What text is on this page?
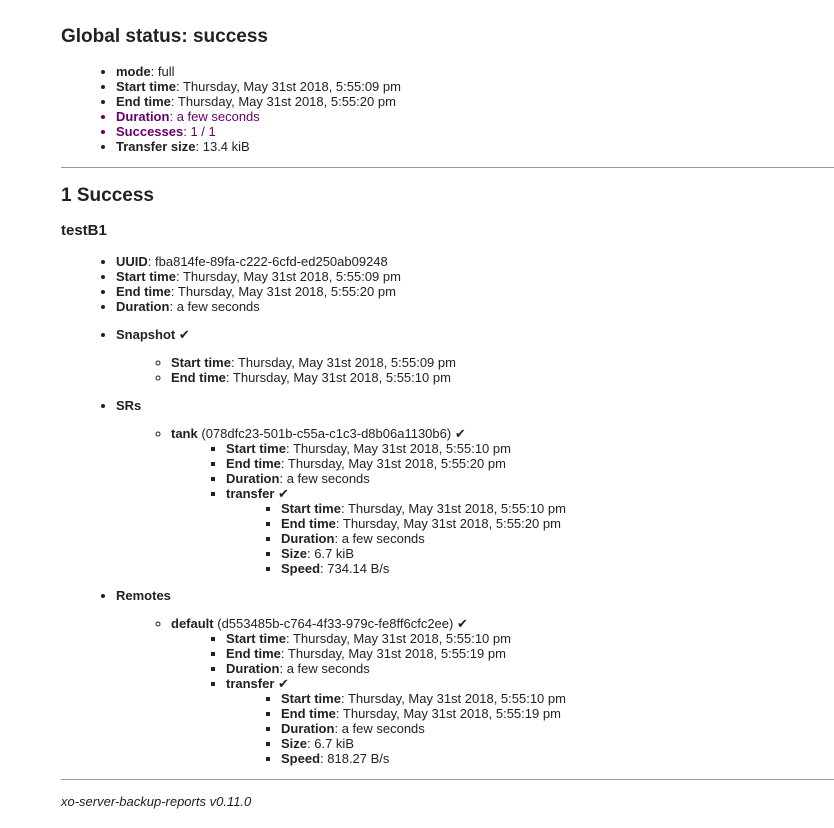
Global status: success
• mode: full
• Start time: Thursday, May 31st 2018, 5:55:09 pm
• End time: Thursday, May 31st 2018, 5:55:20 pm
• Duration: a few seconds
• Successes: 1 / 1
• Transfer size: 13.4 kiB
1 Success
testB1
• UUID: fba814fe-89fa-c222-6cfd-ed250ab09248
• Start time: Thursday, May 31st 2018, 5:55:09 pm
• End time: Thursday, May 31st 2018, 5:55:20 pm
• Duration: a few seconds
• Snapshot ✔
◦ Start time: Thursday, May 31st 2018, 5:55:09 pm
◦ End time: Thursday, May 31st 2018, 5:55:10 pm
• SRs
◦ tank (078dfc23-501b-c55a-c1c3-d8b06a1130b6) ✔
▪ Start time: Thursday, May 31st 2018, 5:55:10 pm
▪ End time: Thursday, May 31st 2018, 5:55:20 pm
▪ Duration: a few seconds
▪ transfer ✔
▪ Start time: Thursday, May 31st 2018, 5:55:10 pm
▪ End time: Thursday, May 31st 2018, 5:55:20 pm
▪ Duration: a few seconds
▪ Size: 6.7 kiB
▪ Speed: 734.14 B/s
• Remotes
◦ default (d553485b-c764-4f33-979c-fe8ff6cfc2ee) ✔
▪ Start time: Thursday, May 31st 2018, 5:55:10 pm
▪ End time: Thursday, May 31st 2018, 5:55:19 pm
▪ Duration: a few seconds
▪ transfer ✔
▪ Start time: Thursday, May 31st 2018, 5:55:10 pm
▪ End time: Thursday, May 31st 2018, 5:55:19 pm
▪ Duration: a few seconds
▪ Size: 6.7 kiB
▪ Speed: 818.27 B/s
xo-server-backup-reports v0.11.0
